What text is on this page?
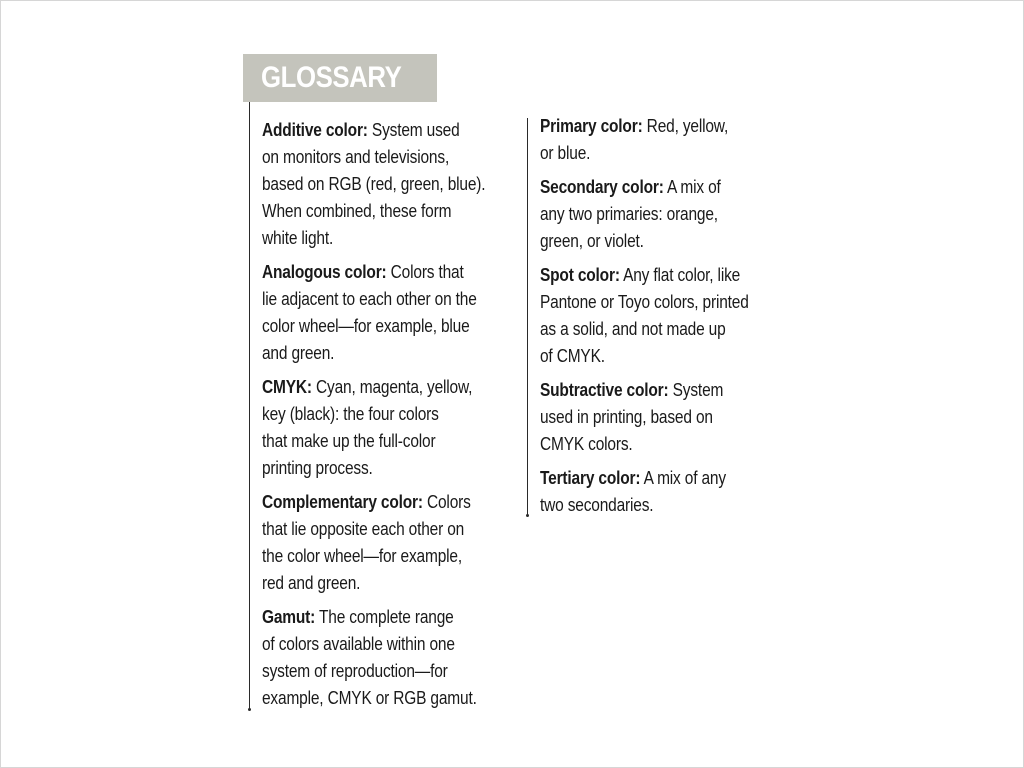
GLOSSARY
Additive color: System used
on monitors and televisions,
based on RGB (red, green, blue).
When combined, these form
white light.
Analogous color: Colors that
lie adjacent to each other on the
color wheel—for example, blue
and green.
CMYK: Cyan, magenta, yellow,
key (black): the four colors
that make up the full-color
printing process.
Complementary color: Colors
that lie opposite each other on
the color wheel—for example,
red and green.
Gamut: The complete range
of colors available within one
system of reproduction—for
example, CMYK or RGB gamut.
Primary color: Red, yellow,
or blue.
Secondary color: A mix of
any two primaries: orange,
green, or violet.
Spot color: Any flat color, like
Pantone or Toyo colors, printed
as a solid, and not made up
of CMYK.
Subtractive color: System
used in printing, based on
CMYK colors.
Tertiary color: A mix of any
two secondaries.
